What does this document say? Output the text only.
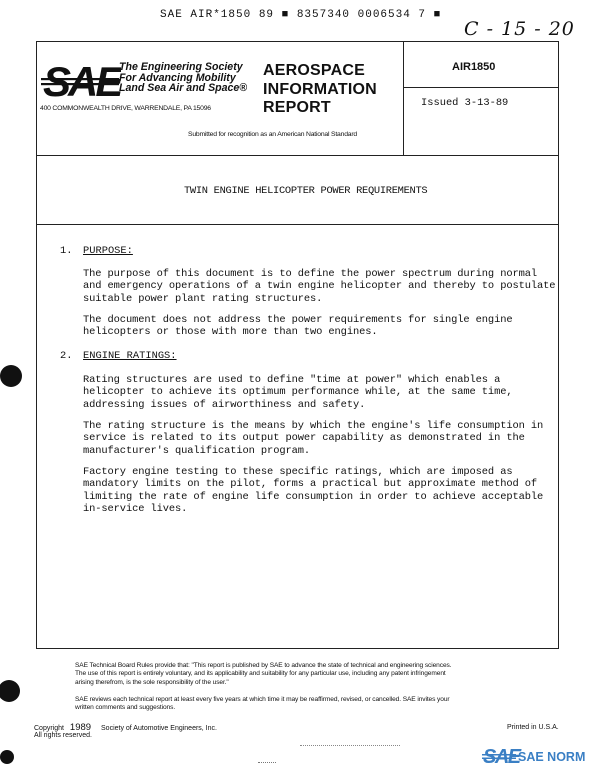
SAE AIR*1850 89 ■ 8357340 0006534 7 ■
C - 15 - 20
SAE
The Engineering Society
For Advancing Mobility
Land Sea Air and Space®
400 COMMONWEALTH DRIVE, WARRENDALE, PA 15096
AEROSPACE
INFORMATION
REPORT
Submitted for recognition as an American National Standard
AIR1850
Issued 3-13-89
TWIN ENGINE HELICOPTER POWER REQUIREMENTS
1. PURPOSE:
The purpose of this document is to define the power spectrum during normal
and emergency operations of a twin engine helicopter and thereby to postulate
suitable power plant rating structures.
The document does not address the power requirements for single engine
helicopters or those with more than two engines.
2. ENGINE RATINGS:
Rating structures are used to define "time at power" which enables a
helicopter to achieve its optimum performance while, at the same time,
addressing issues of airworthiness and safety.
The rating structure is the means by which the engine's life consumption in
service is related to its output power capability as demonstrated in the
manufacturer's qualification program.
Factory engine testing to these specific ratings, which are imposed as
mandatory limits on the pilot, forms a practical but approximate method of
limiting the rate of engine life consumption in order to achieve acceptable
in-service lives.
SAE Technical Board Rules provide that: "This report is published by SAE to advance the state of technical and engineering sciences.
The use of this report is entirely voluntary, and its applicability and suitability for any particular use, including any patent infringement
arising therefrom, is the sole responsibility of the user."
SAE reviews each technical report at least every five years at which time it may be reaffirmed, revised, or cancelled. SAE invites your
written comments and suggestions.
Copyright 1989 Society of Automotive Engineers, Inc.
All rights reserved.
Printed in U.S.A.
SAE
SAE NORM
